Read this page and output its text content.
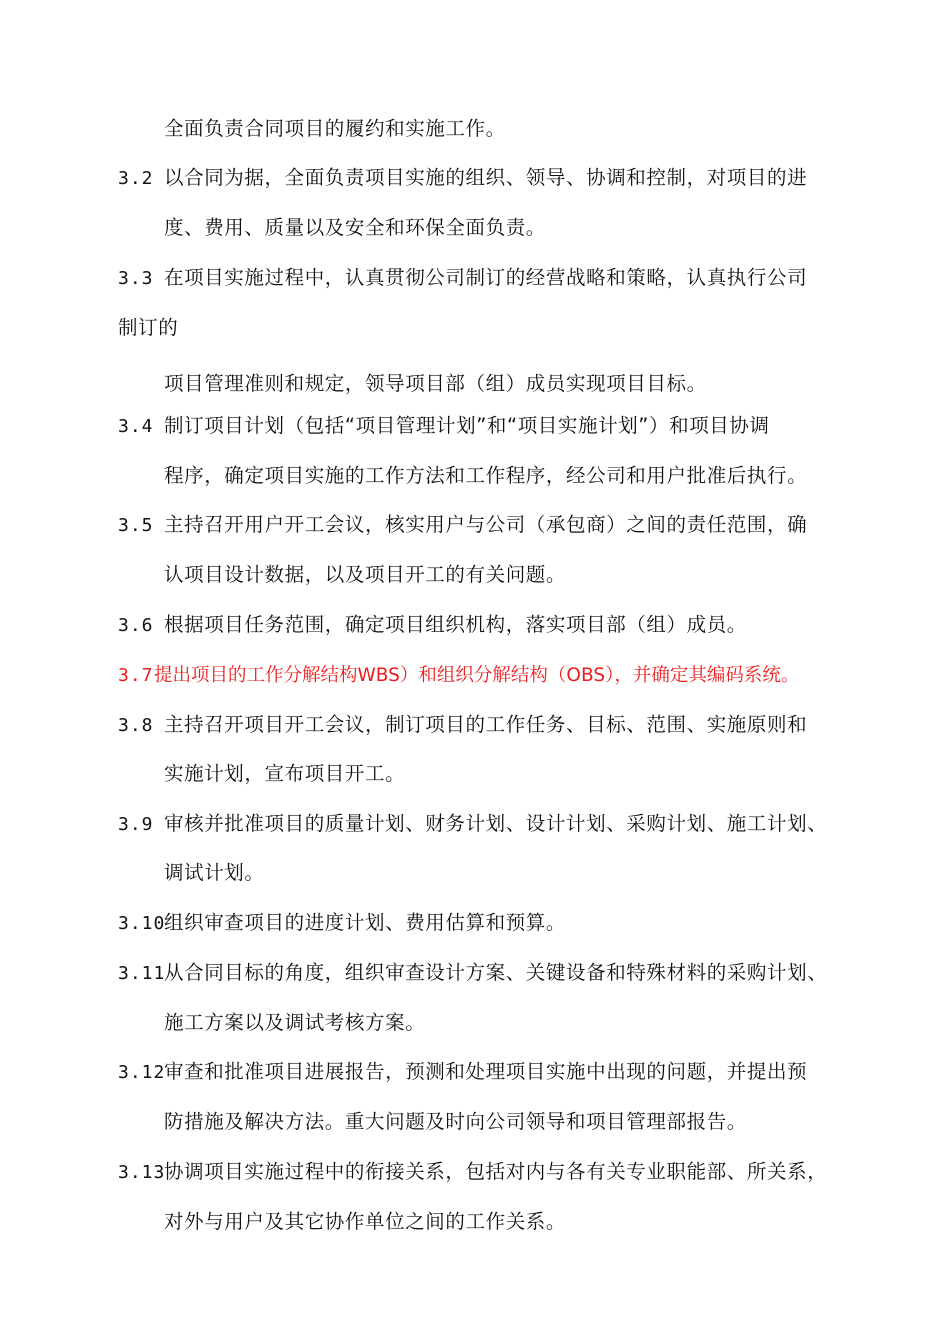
全面负责合同项目的履约和实施工作。
3.2 以合同为据，全面负责项目实施的组织、领导、协调和控制，对项目的进
度、费用、质量以及安全和环保全面负责。
3.3 在项目实施过程中，认真贯彻公司制订的经营战略和策略，认真执行公司
制订的
项目管理准则和规定，领导项目部（组）成员实现项目目标。
3.4 制订项目计划（包括“项目管理计划”和“项目实施计划”）和项目协调
程序，确定项目实施的工作方法和工作程序，经公司和用户批准后执行。
3.5 主持召开用户开工会议，核实用户与公司（承包商）之间的责任范围，确
认项目设计数据，以及项目开工的有关问题。
3.6 根据项目任务范围，确定项目组织机构，落实项目部（组）成员。
3.7提出项目的工作分解结构WBS）和组织分解结构（OBS），并确定其编码系统。
3.8 主持召开项目开工会议，制订项目的工作任务、目标、范围、实施原则和
实施计划，宣布项目开工。
3.9 审核并批准项目的质量计划、财务计划、设计计划、采购计划、施工计划、
调试计划。
3.10组织审查项目的进度计划、费用估算和预算。
3.11从合同目标的角度，组织审查设计方案、关键设备和特殊材料的采购计划、
施工方案以及调试考核方案。
3.12审查和批准项目进展报告，预测和处理项目实施中出现的问题，并提出预
防措施及解决方法。重大问题及时向公司领导和项目管理部报告。
3.13协调项目实施过程中的衔接关系，包括对内与各有关专业职能部、所关系，
对外与用户及其它协作单位之间的工作关系。
